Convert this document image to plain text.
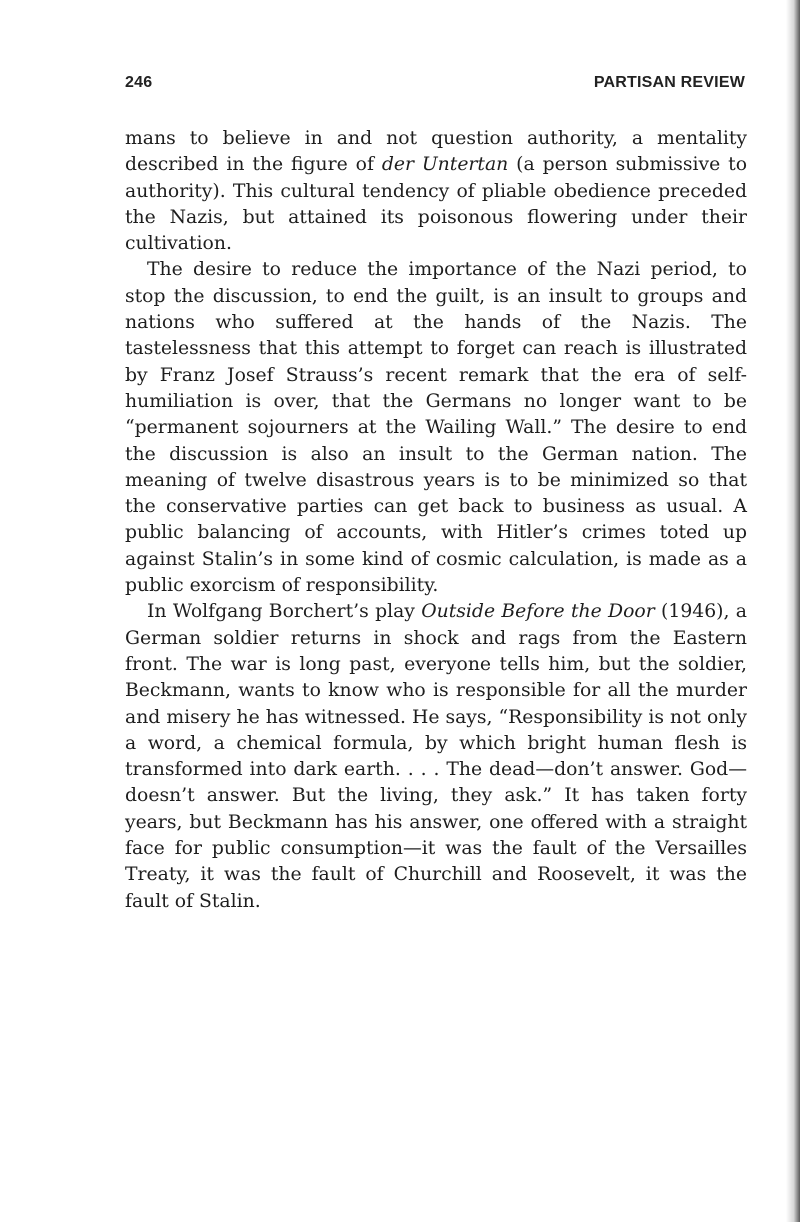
246	PARTISAN REVIEW

mans to believe in and not question authority, a mentality described in the figure of der Untertan (a person submissive to authority). This cultural tendency of pliable obedience preceded the Nazis, but attained its poisonous flowering under their cultivation.

The desire to reduce the importance of the Nazi period, to stop the discussion, to end the guilt, is an insult to groups and nations who suffered at the hands of the Nazis. The tastelessness that this attempt to forget can reach is illustrated by Franz Josef Strauss’s recent remark that the era of self-humiliation is over, that the Germans no longer want to be “permanent sojourners at the Wailing Wall.” The desire to end the discussion is also an insult to the German nation. The meaning of twelve disastrous years is to be minimized so that the conservative parties can get back to business as usual. A public balancing of accounts, with Hitler’s crimes toted up against Stalin’s in some kind of cosmic calculation, is made as a public exorcism of responsibility.

In Wolfgang Borchert’s play Outside Before the Door (1946), a German soldier returns in shock and rags from the Eastern front. The war is long past, everyone tells him, but the soldier, Beckmann, wants to know who is responsible for all the murder and misery he has witnessed. He says, “Responsibility is not only a word, a chemical formula, by which bright human flesh is transformed into dark earth. . . . The dead—don’t answer. God—doesn’t answer. But the living, they ask.” It has taken forty years, but Beckmann has his answer, one offered with a straight face for public consumption—it was the fault of the Versailles Treaty, it was the fault of Churchill and Roosevelt, it was the fault of Stalin.
